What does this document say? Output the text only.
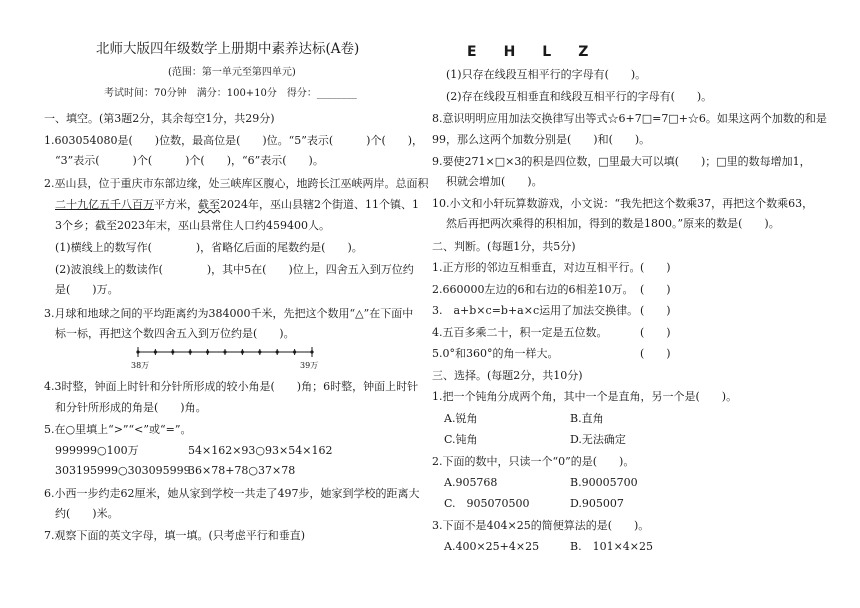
北师大版四年级数学上册期中素养达标(A卷)
(范围：第一单元至第四单元)
考试时间：70分钟　满分：100+10分　得分：________
一、填空。(第3题2分，其余每空1分，共29分)
1.603054080是(　　)位数，最高位是(　　)位。“5”表示(　　　)个(　　)，
“3”表示(　　　)个(　　　)个(　　)，“6”表示(　　)。
2.巫山县，位于重庆市东部边缘，处三峡库区腹心，地跨长江巫峡两岸。总面积
二十九亿五千八百万平方米，截至2024年，巫山县辖2个街道、11个镇、1
3个乡；截至2023年末，巫山县常住人口约459400人。
(1)横线上的数写作(　　　　)，省略亿后面的尾数约是(　　)。
(2)波浪线上的数读作(　　　　)，其中5在(　　)位上，四舍五入到万位约
是(　　)万。
3.月球和地球之间的平均距离约为384000千米，先把这个数用“△”在下面中
标一标，再把这个数四舍五入到万位约是(　　)。
38万	39万
4.3时整，钟面上时针和分针所形成的较小角是(　　)角；6时整，钟面上时针
和分针所形成的角是(　　)角。
5.在○里填上“>”“<”或“=”。
999999○100万	54×162×93○93×54×162
303195999○303095999
36×78+78○37×78
6.小西一步约走62厘米，她从家到学校一共走了497步，她家到学校的距离大
约(　　)米。
7.观察下面的英文字母，填一填。(只考虑平行和垂直)
E H L Z
(1)只存在线段互相平行的字母有(　　)。
(2)存在线段互相垂直和线段互相平行的字母有(　　)。
8.意识明明应用加法交换律写出等式☆6+7□=7□+☆6。如果这两个加数的和是
99，那么这两个加数分别是(　　)和(　　)。
9.要使271×□×3的积是四位数，□里最大可以填(　　)；□里的数每增加1，
积就会增加(　　)。
10.小文和小轩玩算数游戏，小文说：“我先把这个数乘37，再把这个数乘63，
然后再把两次乘得的积相加，得到的数是1800。”原来的数是(　　)。
二、判断。(每题1分，共5分)
1.正方形的邻边互相垂直，对边互相平行。 (　　)
2.660000左边的6和右边的6相差10万。 (　　)
3.　a+b×c=b+a×c运用了加法交换律。 (　　)
4.五百多乘二十，积一定是五位数。	(　　)
5.0°和360°的角一样大。	(　　)
三、选择。(每题2分，共10分)
1.把一个钝角分成两个角，其中一个是直角，另一个是(　　)。
A.锐角	B.直角
C.钝角	D.无法确定
2.下面的数中，只读一个“0”的是(　　)。
A.905768	B.90005700
C.　905070500	D.905007
3.下面不是404×25的简便算法的是(　　)。
A.400×25+4×25	B.　101×4×25
